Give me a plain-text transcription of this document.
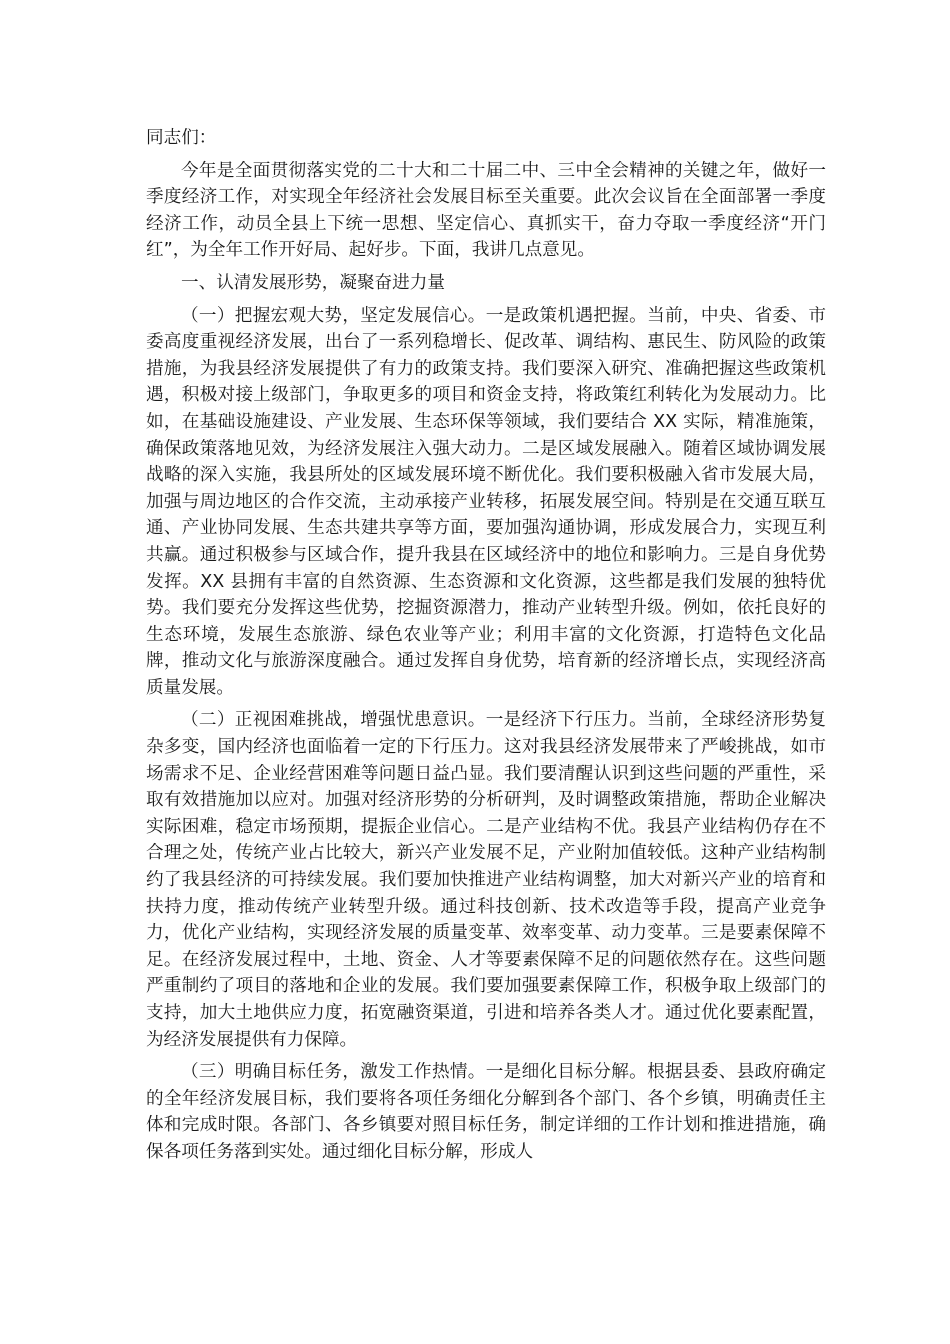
同志们：

今年是全面贯彻落实党的二十大和二十届二中、三中全会精神的关键之年，做好一季度经济工作，对实现全年经济社会发展目标至关重要。此次会议旨在全面部署一季度经济工作，动员全县上下统一思想、坚定信心、真抓实干，奋力夺取一季度经济“开门红”，为全年工作开好局、起好步。下面，我讲几点意见。

一、认清发展形势，凝聚奋进力量

（一）把握宏观大势，坚定发展信心。一是政策机遇把握。当前，中央、省委、市委高度重视经济发展，出台了一系列稳增长、促改革、调结构、惠民生、防风险的政策措施，为我县经济发展提供了有力的政策支持。我们要深入研究、准确把握这些政策机遇，积极对接上级部门，争取更多的项目和资金支持，将政策红利转化为发展动力。比如，在基础设施建设、产业发展、生态环保等领域，我们要结合 XX 实际，精准施策，确保政策落地见效，为经济发展注入强大动力。二是区域发展融入。随着区域协调发展战略的深入实施，我县所处的区域发展环境不断优化。我们要积极融入省市发展大局，加强与周边地区的合作交流，主动承接产业转移，拓展发展空间。特别是在交通互联互通、产业协同发展、生态共建共享等方面，要加强沟通协调，形成发展合力，实现互利共赢。通过积极参与区域合作，提升我县在区域经济中的地位和影响力。三是自身优势发挥。XX 县拥有丰富的自然资源、生态资源和文化资源，这些都是我们发展的独特优势。我们要充分发挥这些优势，挖掘资源潜力，推动产业转型升级。例如，依托良好的生态环境，发展生态旅游、绿色农业等产业；利用丰富的文化资源，打造特色文化品牌，推动文化与旅游深度融合。通过发挥自身优势，培育新的经济增长点，实现经济高质量发展。

（二）正视困难挑战，增强忧患意识。一是经济下行压力。当前，全球经济形势复杂多变，国内经济也面临着一定的下行压力。这对我县经济发展带来了严峻挑战，如市场需求不足、企业经营困难等问题日益凸显。我们要清醒认识到这些问题的严重性，采取有效措施加以应对。加强对经济形势的分析研判，及时调整政策措施，帮助企业解决实际困难，稳定市场预期，提振企业信心。二是产业结构不优。我县产业结构仍存在不合理之处，传统产业占比较大，新兴产业发展不足，产业附加值较低。这种产业结构制约了我县经济的可持续发展。我们要加快推进产业结构调整，加大对新兴产业的培育和扶持力度，推动传统产业转型升级。通过科技创新、技术改造等手段，提高产业竞争力，优化产业结构，实现经济发展的质量变革、效率变革、动力变革。三是要素保障不足。在经济发展过程中，土地、资金、人才等要素保障不足的问题依然存在。这些问题严重制约了项目的落地和企业的发展。我们要加强要素保障工作，积极争取上级部门的支持，加大土地供应力度，拓宽融资渠道，引进和培养各类人才。通过优化要素配置，为经济发展提供有力保障。

（三）明确目标任务，激发工作热情。一是细化目标分解。根据县委、县政府确定的全年经济发展目标，我们要将各项任务细化分解到各个部门、各个乡镇，明确责任主体和完成时限。各部门、各乡镇要对照目标任务，制定详细的工作计划和推进措施，确保各项任务落到实处。通过细化目标分解，形成人
